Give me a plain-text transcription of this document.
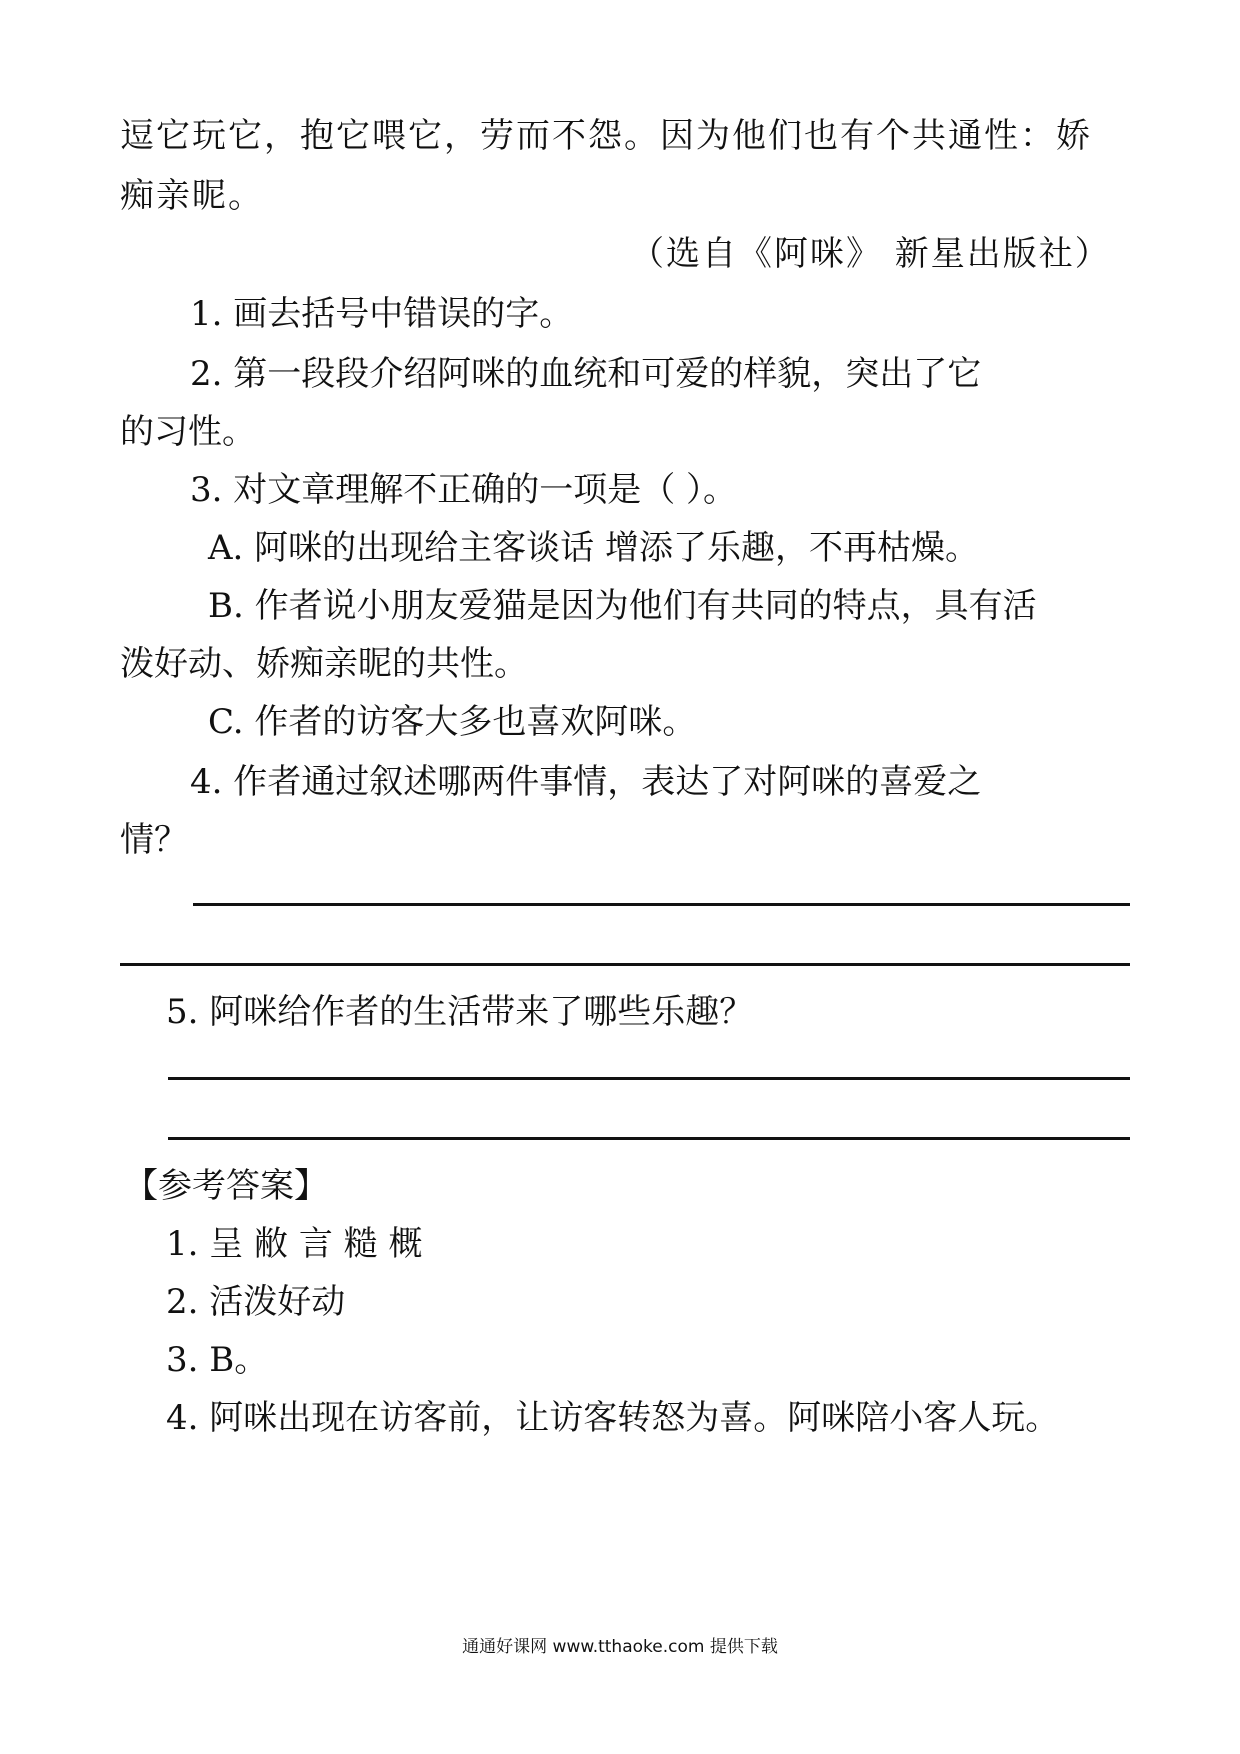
逗它玩它，抱它喂它，劳而不怨。因为他们也有个共通性：娇
痴亲昵。
（选自《阿咪》 新星出版社）
1. 画去括号中错误的字。
2. 第一段段介绍阿咪的血统和可爱的样貌，突出了它
的习性。
3. 对文章理解不正确的一项是（ ）。
A. 阿咪的出现给主客谈话 增添了乐趣，不再枯燥。
B. 作者说小朋友爱猫是因为他们有共同的特点，具有活
泼好动、娇痴亲昵的共性。
C. 作者的访客大多也喜欢阿咪。
4. 作者通过叙述哪两件事情，表达了对阿咪的喜爱之
情？
5. 阿咪给作者的生活带来了哪些乐趣？
【参考答案】
1. 呈 敝 言 糙 概
2. 活泼好动
3. B。
4. 阿咪出现在访客前，让访客转怒为喜。阿咪陪小客人玩。
通通好课网 www.tthaoke.com 提供下载
